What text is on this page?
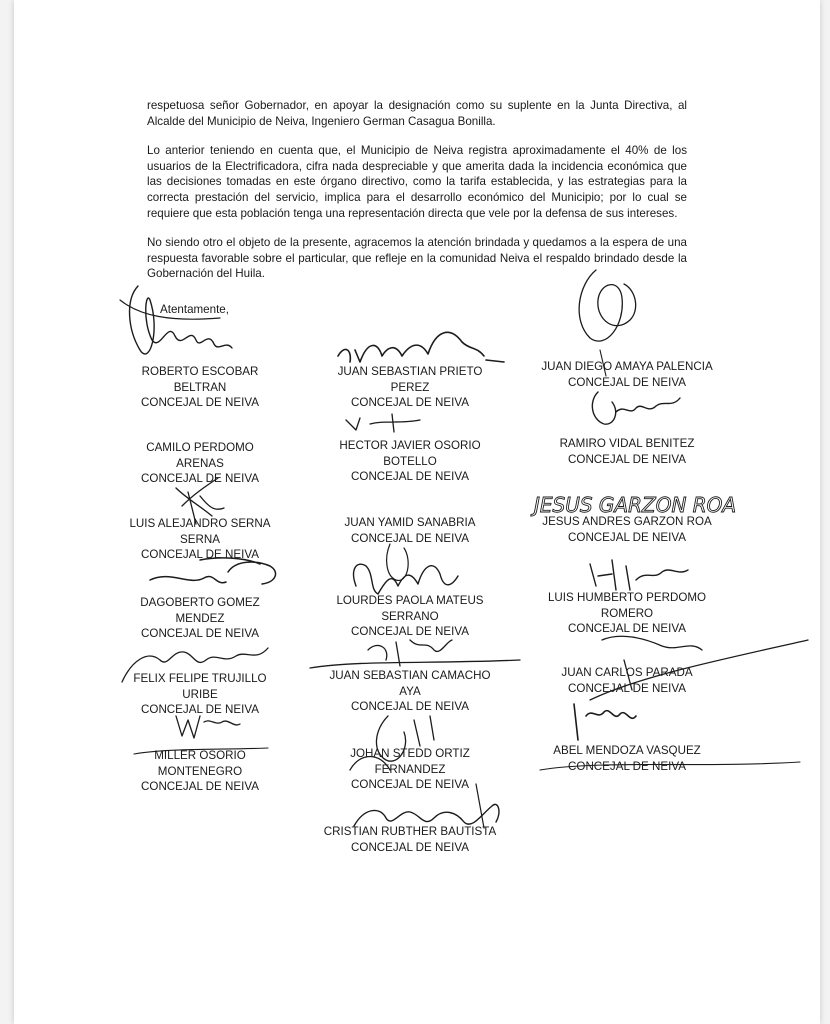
respetuosa señor Gobernador, en apoyar la designación como su suplente en la Junta Directiva, al Alcalde del Municipio de Neiva, Ingeniero German Casagua Bonilla.

Lo anterior teniendo en cuenta que, el Municipio de Neiva registra aproximadamente el 40% de los usuarios de la Electrificadora, cifra nada despreciable y que amerita dada la incidencia económica que las decisiones tomadas en este órgano directivo, como la tarifa establecida, y las estrategias para la correcta prestación del servicio, implica para el desarrollo económico del Municipio; por lo cual se requiere que esta población tenga una representación directa que vele por la defensa de sus intereses.

No siendo otro el objeto de la presente, agracemos la atención brindada y quedamos a la espera de una respuesta favorable sobre el particular, que refleje en la comunidad Neiva el respaldo brindado desde la Gobernación del Huila.

Atentamente,
ROBERTO ESCOBAR
BELTRAN
CONCEJAL DE NEIVA
JUAN SEBASTIAN PRIETO
PEREZ
CONCEJAL DE NEIVA
JUAN DIEGO AMAYA PALENCIA
CONCEJAL DE NEIVA
CAMILO PERDOMO
ARENAS
CONCEJAL DE NEIVA
HECTOR JAVIER OSORIO
BOTELLO
CONCEJAL DE NEIVA
RAMIRO VIDAL BENITEZ
CONCEJAL DE NEIVA
LUIS ALEJANDRO SERNA
SERNA
CONCEJAL DE NEIVA
JUAN YAMID SANABRIA
CONCEJAL DE NEIVA
JESUS ANDRES GARZON ROA
CONCEJAL DE NEIVA
DAGOBERTO GOMEZ
MENDEZ
CONCEJAL DE NEIVA
LOURDES PAOLA MATEUS
SERRANO
CONCEJAL DE NEIVA
LUIS HUMBERTO PERDOMO
ROMERO
CONCEJAL DE NEIVA
FELIX FELIPE TRUJILLO
URIBE
CONCEJAL DE NEIVA
JUAN SEBASTIAN CAMACHO
AYA
CONCEJAL DE NEIVA
JUAN CARLOS PARADA
CONCEJAL DE NEIVA
MILLER OSORIO
MONTENEGRO
CONCEJAL DE NEIVA
JOHAN STEDD ORTIZ
FERNANDEZ
CONCEJAL DE NEIVA
ABEL MENDOZA VASQUEZ
CONCEJAL DE NEIVA
CRISTIAN RUBTHER BAUTISTA
CONCEJAL DE NEIVA
JESUS GARZON ROA
